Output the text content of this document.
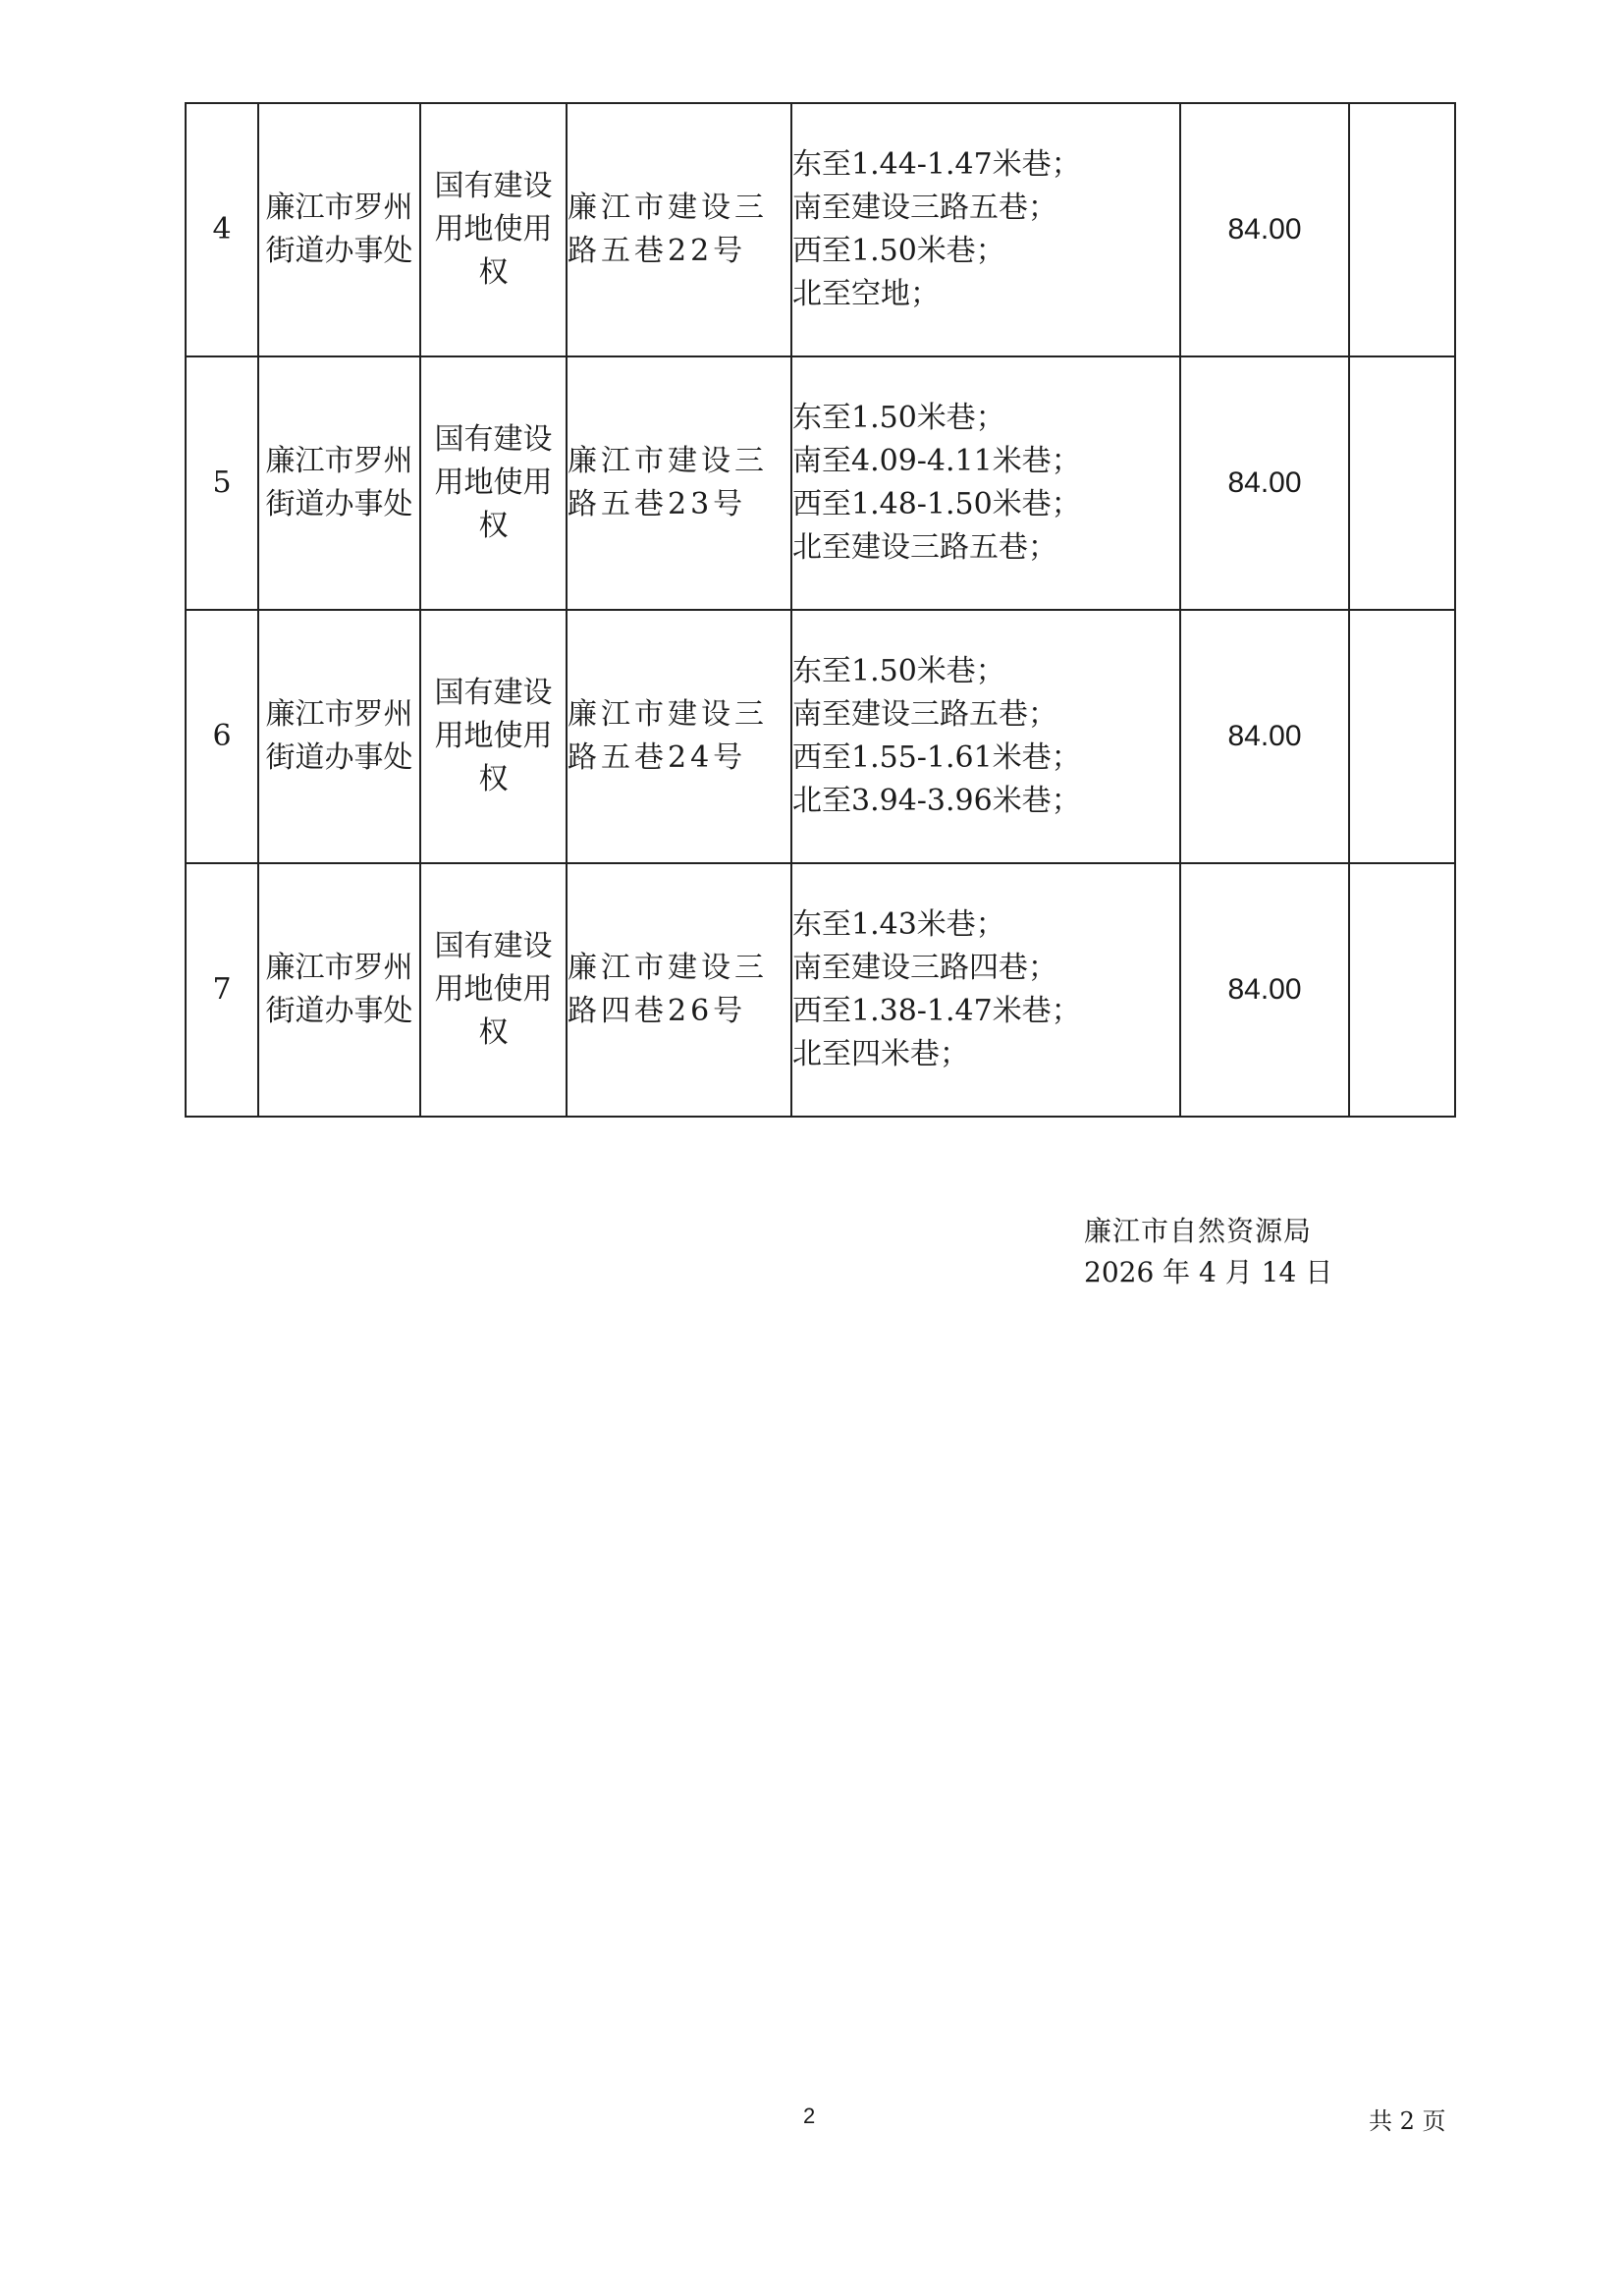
4	廉江市罗州街道办事处	国有建设用地使用权	廉江市建设三路五巷22号	东至1.44-1.47米巷；
南至建设三路五巷；
西至1.50米巷；
北至空地；	84.00	
5	廉江市罗州街道办事处	国有建设用地使用权	廉江市建设三路五巷23号	东至1.50米巷；
南至4.09-4.11米巷；
西至1.48-1.50米巷；
北至建设三路五巷；	84.00	
6	廉江市罗州街道办事处	国有建设用地使用权	廉江市建设三路五巷24号	东至1.50米巷；
南至建设三路五巷；
西至1.55-1.61米巷；
北至3.94-3.96米巷；	84.00	
7	廉江市罗州街道办事处	国有建设用地使用权	廉江市建设三路四巷26号	东至1.43米巷；
南至建设三路四巷；
西至1.38-1.47米巷；
北至四米巷；	84.00	
廉江市自然资源局
2026 年 4 月 14 日
2	共 2 页
